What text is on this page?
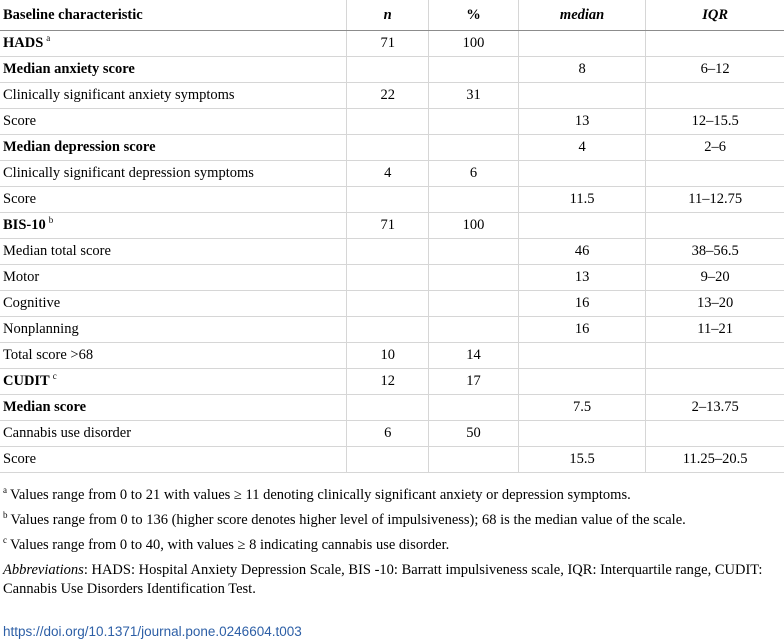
Baseline characteristic	n	%	median	IQR
HADS $^a$	71	100		
Median anxiety score			8	6–12
Clinically significant anxiety symptoms	22	31		
Score			13	12–15.5
Median depression score			4	2–6
Clinically significant depression symptoms	4	6		
Score			11.5	11–12.75
BIS-10 $^b$	71	100		
Median total score			46	38–56.5
Motor			13	9–20
Cognitive			16	13–20
Nonplanning			16	11–21
Total score >68	10	14		
CUDIT $^c$	12	17		
Median score			7.5	2–13.75
Cannabis use disorder	6	50		
Score			15.5	11.25–20.5

$^a$ Values range from 0 to 21 with values ≥ 11 denoting clinically significant anxiety or depression symptoms.

$^b$ Values range from 0 to 136 (higher score denotes higher level of impulsiveness); 68 is the median value of the scale.

$^c$ Values range from 0 to 40, with values ≥ 8 indicating cannabis use disorder.

Abbreviations: HADS: Hospital Anxiety Depression Scale, BIS -10: Barratt impulsiveness scale, IQR: Interquartile range, CUDIT: Cannabis Use Disorders Identification Test.

https://doi.org/10.1371/journal.pone.0246604.t003
